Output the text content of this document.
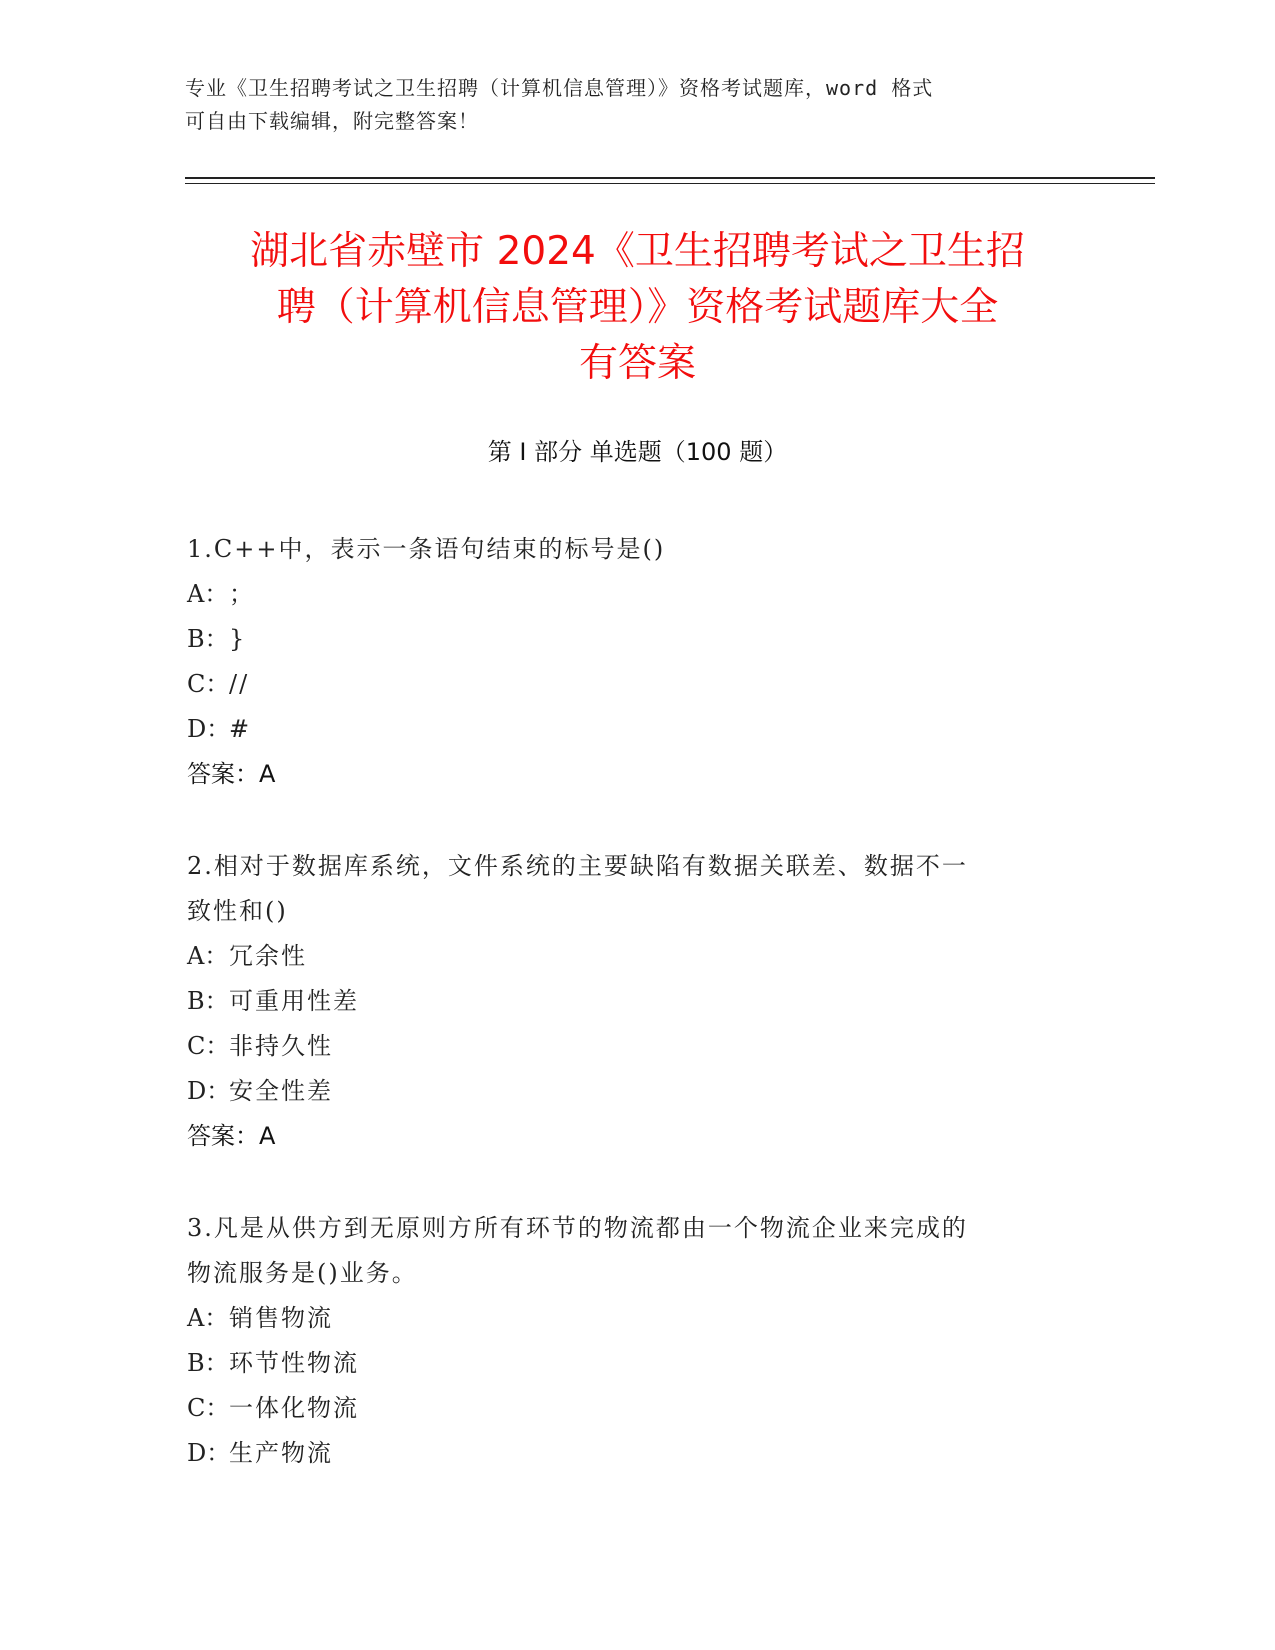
专业《卫生招聘考试之卫生招聘（计算机信息管理）》资格考试题库，word 格式
可自由下载编辑，附完整答案！
湖北省赤壁市 2024《卫生招聘考试之卫生招
聘（计算机信息管理）》资格考试题库大全
有答案
第 I 部分 单选题（100 题）
1.C++中，表示一条语句结束的标号是()
A：；
B：}
C：//
D：#
答案：A
2.相对于数据库系统，文件系统的主要缺陷有数据关联差、数据不一
致性和()
A：冗余性
B：可重用性差
C：非持久性
D：安全性差
答案：A
3.凡是从供方到无原则方所有环节的物流都由一个物流企业来完成的
物流服务是()业务。
A：销售物流
B：环节性物流
C：一体化物流
D：生产物流
